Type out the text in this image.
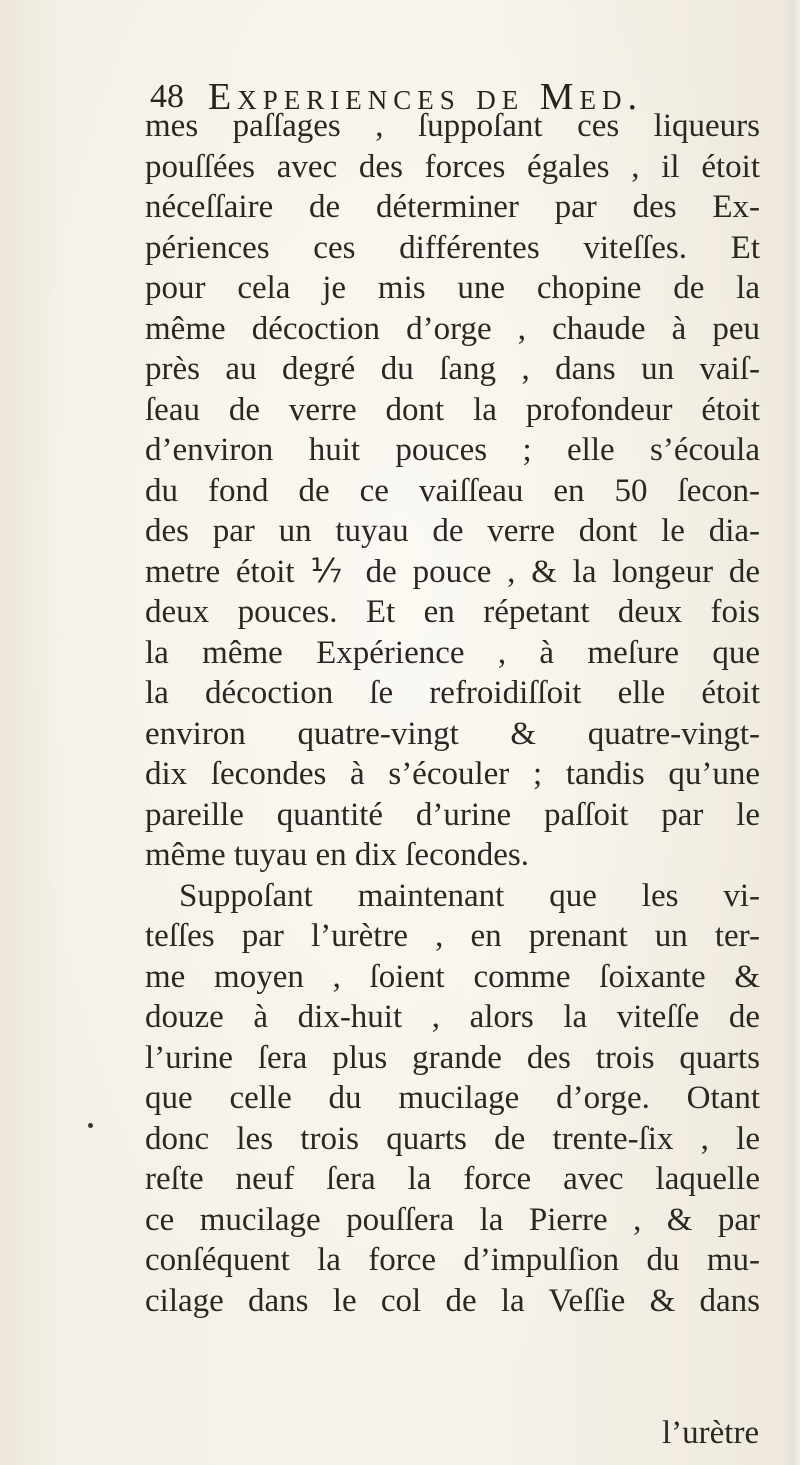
48 Experiences de Med.
mes paſſages , ſuppoſant ces liqueurs
pouſſées avec des forces égales , il étoit
néceſſaire de déterminer par des Ex-
périences ces différentes viteſſes. Et
pour cela je mis une chopine de la
même décoction d’orge , chaude à peu
près au degré du ſang , dans un vaiſ-
ſeau de verre dont la profondeur étoit
d’environ huit pouces ; elle s’écoula
du fond de ce vaiſſeau en 50 ſecon-
des par un tuyau de verre dont le dia-
metre étoit ⅐ de pouce , & la longeur de
deux pouces. Et en répetant deux fois
la même Expérience , à meſure que
la décoction ſe refroidiſſoit elle étoit
environ quatre-vingt & quatre-vingt-
dix ſecondes à s’écouler ; tandis qu’une
pareille quantité d’urine paſſoit par le
même tuyau en dix ſecondes.
Suppoſant maintenant que les vi-
teſſes par l’urètre , en prenant un ter-
me moyen , ſoient comme ſoixante &
douze à dix-huit , alors la viteſſe de
l’urine ſera plus grande des trois quarts
que celle du mucilage d’orge. Otant
donc les trois quarts de trente-ſix , le
reſte neuf ſera la force avec laquelle
ce mucilage pouſſera la Pierre , & par
conſéquent la force d’impulſion du mu-
cilage dans le col de la Veſſie & dans
l’urètre
